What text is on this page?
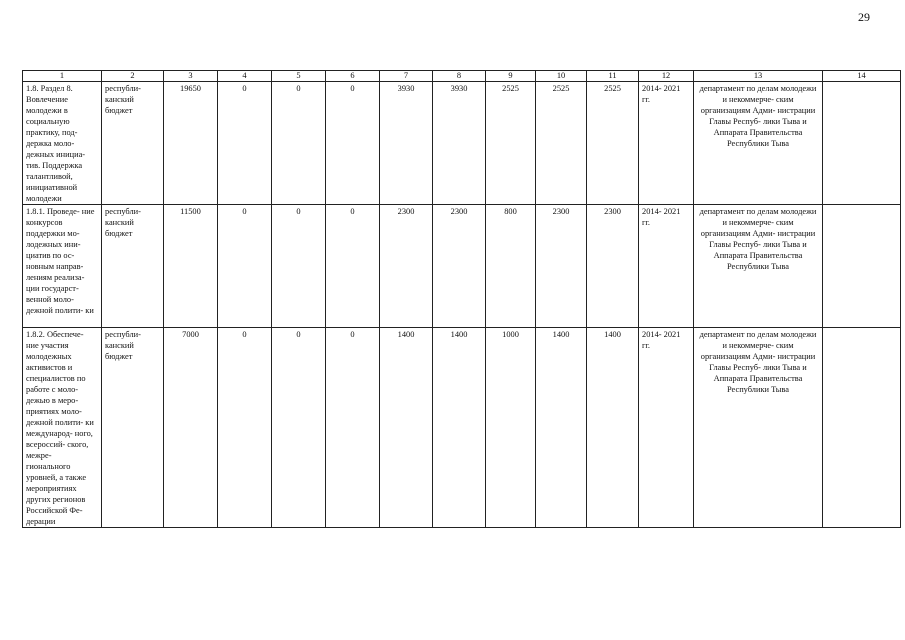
29
1	2	3	4	5	6	7	8	9	10	11	12	13	14
1.8. Раздел 8. Вовлечение молодежи в социальную практику, под- держка моло- дежных инициа- тив. Поддержка талантливой, инициативной молодежи	республи- канский бюджет	19650	0	0	0	3930	3930	2525	2525	2525	2014- 2021 гг.	департамент по делам молодежи и некоммерче- ским организациям Адми- нистрации Главы Респуб- лики Тыва и Аппарата Правительства Республики Тыва	
1.8.1. Проведе- ние конкурсов поддержки мо- лодежных ини- циатив по ос- новным направ- лениям реализа- ции государст- венной моло- дежной полити- ки	республи- канский бюджет	11500	0	0	0	2300	2300	800	2300	2300	2014- 2021 гг.	департамент по делам молодежи и некоммерче- ским организациям Адми- нистрации Главы Респуб- лики Тыва и Аппарата Правительства Республики Тыва	
1.8.2. Обеспече- ние участия молодежных активистов и специалистов по работе с моло- дежью в меро- приятиях моло- дежной полити- ки международ- ного, всероссий- ского, межре- гионального уровней, а также мероприятиях других регионов Российской Фе- дерации	республи- канский бюджет	7000	0	0	0	1400	1400	1000	1400	1400	2014- 2021 гг.	департамент по делам молодежи и некоммерче- ским организациям Адми- нистрации Главы Респуб- лики Тыва и Аппарата Правительства Республики Тыва	
